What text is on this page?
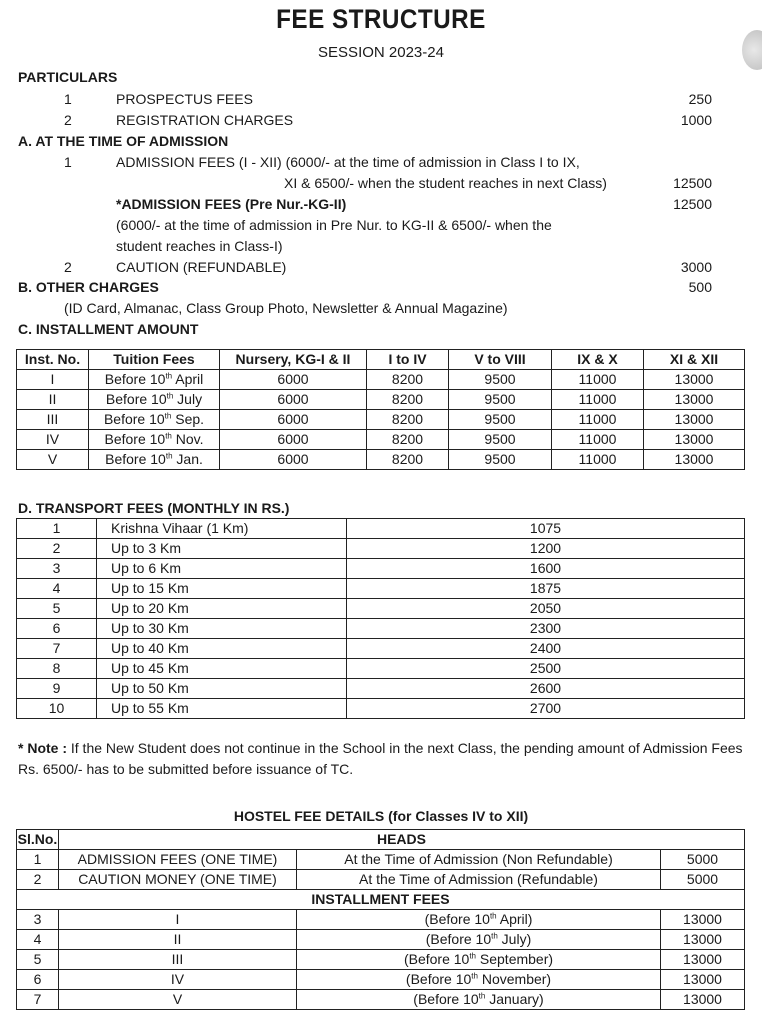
FEE STRUCTURE
SESSION 2023-24
PARTICULARS
1	PROSPECTUS FEES	250
2	REGISTRATION CHARGES	1000
A. AT THE TIME OF ADMISSION
1	ADMISSION FEES (I - XII) (6000/- at the time of admission in Class I to IX,
XI & 6500/- when the student reaches in next Class)	12500
*ADMISSION FEES (Pre Nur.-KG-II)	12500
(6000/- at the time of admission in Pre Nur. to KG-II & 6500/- when the
student reaches in Class-I)
2	CAUTION (REFUNDABLE)	3000
B. OTHER CHARGES	500
(ID Card, Almanac, Class Group Photo, Newsletter & Annual Magazine)
C. INSTALLMENT AMOUNT
Inst. No.	Tuition Fees	Nursery, KG-I & II	I to IV	V to VIII	IX & X	XI & XII
I	Before 10th April	6000	8200	9500	11000	13000
II	Before 10th July	6000	8200	9500	11000	13000
III	Before 10th Sep.	6000	8200	9500	11000	13000
IV	Before 10th Nov.	6000	8200	9500	11000	13000
V	Before 10th Jan.	6000	8200	9500	11000	13000
D. TRANSPORT FEES (MONTHLY IN RS.)
1	Krishna Vihaar (1 Km)	1075
2	Up to 3 Km	1200
3	Up to 6 Km	1600
4	Up to 15 Km	1875
5	Up to 20 Km	2050
6	Up to 30 Km	2300
7	Up to 40 Km	2400
8	Up to 45 Km	2500
9	Up to 50 Km	2600
10	Up to 55 Km	2700
* Note : If the New Student does not continue in the School in the next Class, the pending amount of Admission Fees Rs. 6500/- has to be submitted before issuance of TC.
HOSTEL FEE DETAILS (for Classes IV to XII)
Sl.No.	HEADS		
1	ADMISSION FEES (ONE TIME)	At the Time of Admission (Non Refundable)	5000
2	CAUTION MONEY (ONE TIME)	At the Time of Admission (Refundable)	5000
INSTALLMENT FEES			
3	I	(Before 10th April)	13000
4	II	(Before 10th July)	13000
5	III	(Before 10th September)	13000
6	IV	(Before 10th November)	13000
7	V	(Before 10th January)	13000
